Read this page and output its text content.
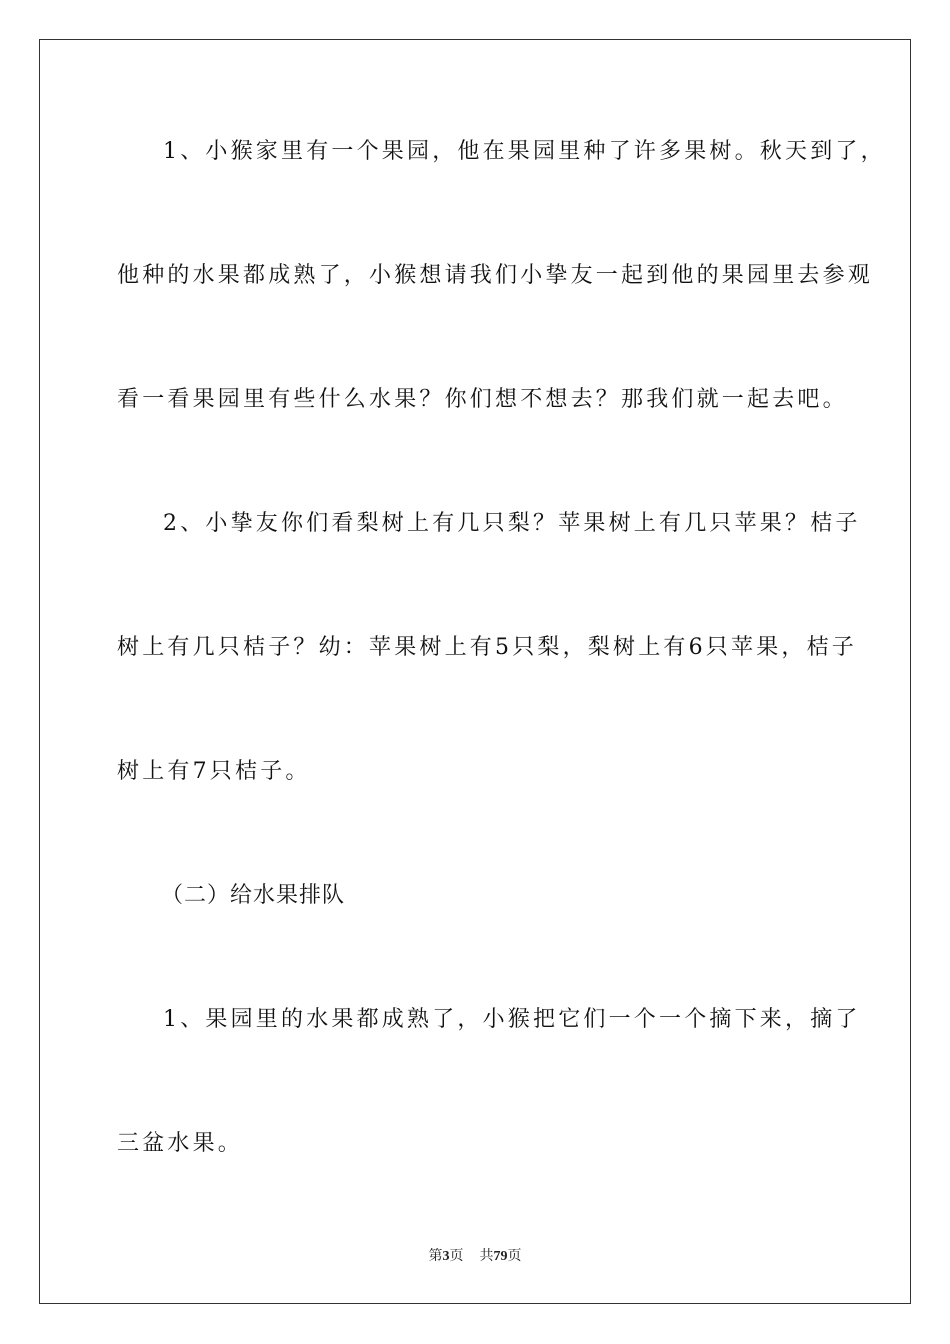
1、小猴家里有一个果园，他在果园里种了许多果树。秋天到了，
他种的水果都成熟了，小猴想请我们小挚友一起到他的果园里去参观
看一看果园里有些什么水果？你们想不想去？那我们就一起去吧。
2、小挚友你们看梨树上有几只梨？苹果树上有几只苹果？桔子
树上有几只桔子？幼：苹果树上有5只梨，梨树上有6只苹果，桔子
树上有7只桔子。
（二）给水果排队
1、果园里的水果都成熟了，小猴把它们一个一个摘下来，摘了
三盆水果。
第3页 共79页
